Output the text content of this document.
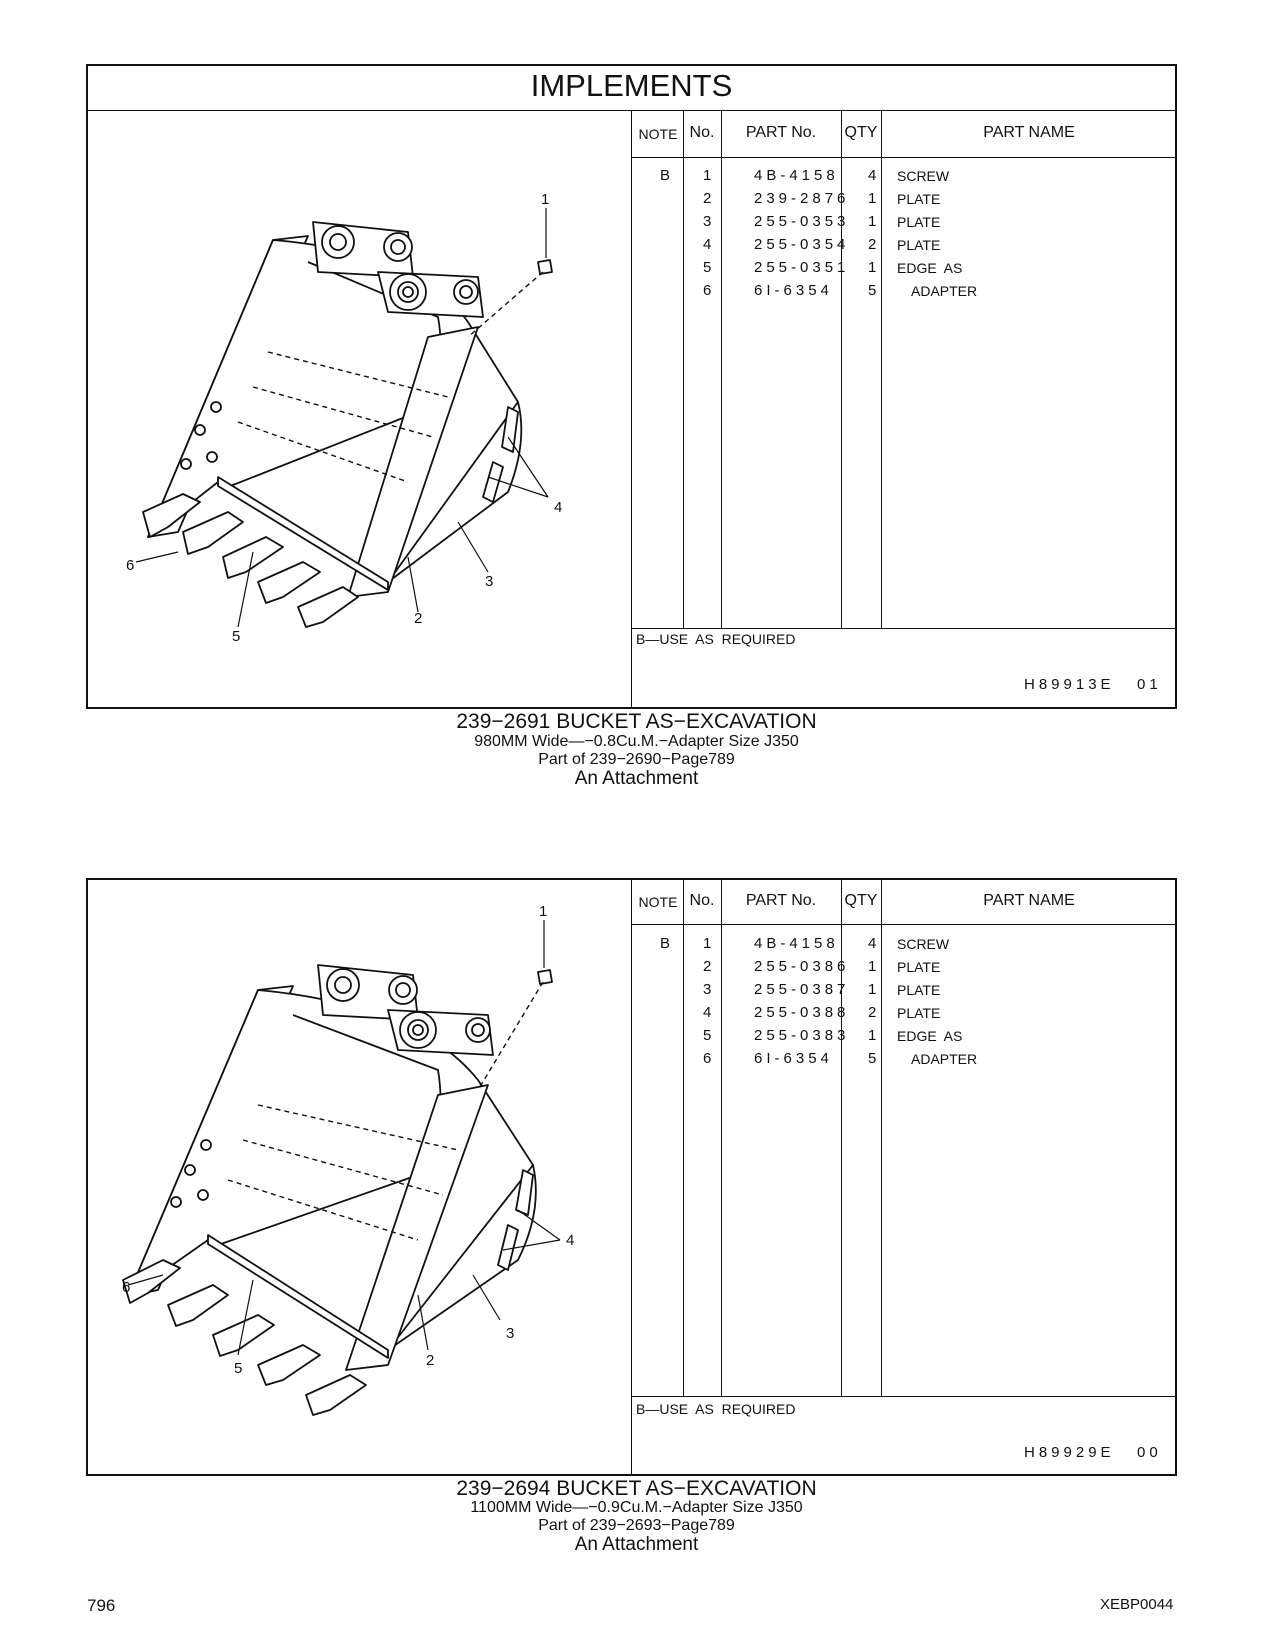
IMPLEMENTS
NOTE No.	PART No.	QTY	PART NAME
B 1	4B-4158 4 SCREW
2	239-2876 1 PLATE
3	255-0353 1 PLATE
4	255-0354 2 PLATE
5	255-0351 1 EDGE  AS
6	6I-6354 5 ADAPTER
B—USE  AS  REQUIRED
H89913E 01
1
2
3
4
5
6
239−2691 BUCKET AS−EXCAVATION
980MM Wide—−0.8Cu.M.−Adapter Size J350
Part of 239−2690−Page789
An Attachment
NOTE No.	PART No.	QTY	PART NAME
B 1	4B-4158 4 SCREW
2	255-0386 1 PLATE
3	255-0387 1 PLATE
4	255-0388 2 PLATE
5	255-0383 1 EDGE  AS
6	6I-6354 5 ADAPTER
B—USE  AS  REQUIRED
H89929E 00
1
2
3
4
5
6
239−2694 BUCKET AS−EXCAVATION
1100MM Wide—−0.9Cu.M.−Adapter Size J350
Part of 239−2693−Page789
An Attachment
796	XEBP0044
